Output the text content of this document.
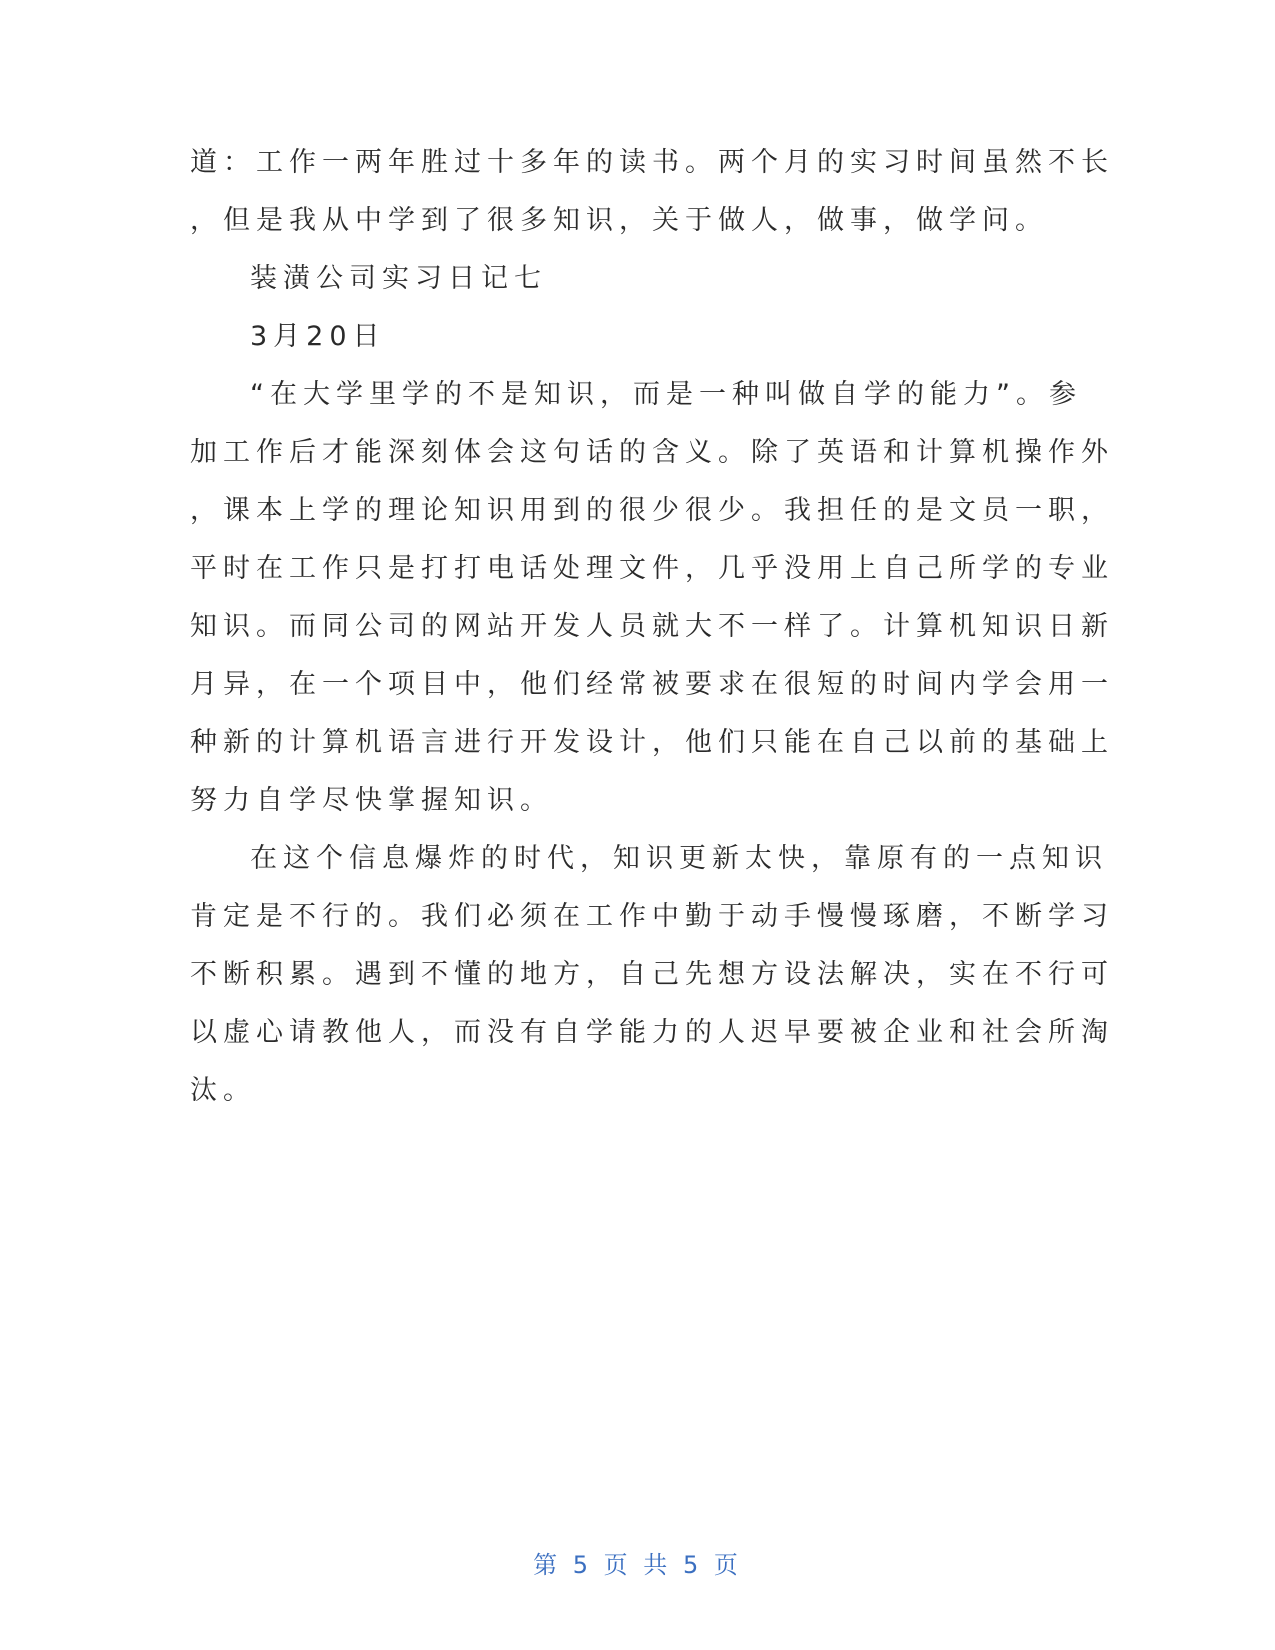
道：工作一两年胜过十多年的读书。两个月的实习时间虽然不长
，但是我从中学到了很多知识，关于做人，做事，做学问。
装潢公司实习日记七
3月20日
“在大学里学的不是知识，而是一种叫做自学的能力”。参
加工作后才能深刻体会这句话的含义。除了英语和计算机操作外
，课本上学的理论知识用到的很少很少。我担任的是文员一职，
平时在工作只是打打电话处理文件，几乎没用上自己所学的专业
知识。而同公司的网站开发人员就大不一样了。计算机知识日新
月异，在一个项目中，他们经常被要求在很短的时间内学会用一
种新的计算机语言进行开发设计，他们只能在自己以前的基础上
努力自学尽快掌握知识。
在这个信息爆炸的时代，知识更新太快，靠原有的一点知识
肯定是不行的。我们必须在工作中勤于动手慢慢琢磨，不断学习
不断积累。遇到不懂的地方，自己先想方设法解决，实在不行可
以虚心请教他人，而没有自学能力的人迟早要被企业和社会所淘
汰。
第 5 页 共 5 页
